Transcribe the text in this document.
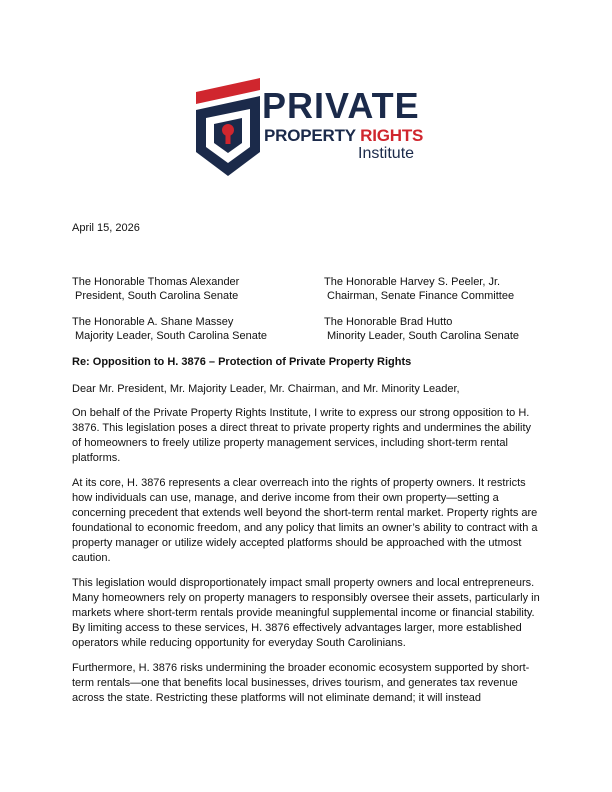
PRIVATE
PROPERTY RIGHTS
Institute
April 15, 2026
The Honorable Thomas Alexander
President, South Carolina Senate
The Honorable Harvey S. Peeler, Jr.
Chairman, Senate Finance Committee
The Honorable A. Shane Massey
Majority Leader, South Carolina Senate
The Honorable Brad Hutto
Minority Leader, South Carolina Senate
Re: Opposition to H. 3876 – Protection of Private Property Rights
Dear Mr. President, Mr. Majority Leader, Mr. Chairman, and Mr. Minority Leader,

On behalf of the Private Property Rights Institute, I write to express our strong opposition to H. 3876. This legislation poses a direct threat to private property rights and undermines the ability of homeowners to freely utilize property management services, including short-term rental platforms.

At its core, H. 3876 represents a clear overreach into the rights of property owners. It restricts how individuals can use, manage, and derive income from their own property—setting a concerning precedent that extends well beyond the short-term rental market. Property rights are foundational to economic freedom, and any policy that limits an owner’s ability to contract with a property manager or utilize widely accepted platforms should be approached with the utmost caution.

This legislation would disproportionately impact small property owners and local entrepreneurs. Many homeowners rely on property managers to responsibly oversee their assets, particularly in markets where short-term rentals provide meaningful supplemental income or financial stability. By limiting access to these services, H. 3876 effectively advantages larger, more established operators while reducing opportunity for everyday South Carolinians.

Furthermore, H. 3876 risks undermining the broader economic ecosystem supported by short-term rentals—one that benefits local businesses, drives tourism, and generates tax revenue across the state. Restricting these platforms will not eliminate demand; it will instead
